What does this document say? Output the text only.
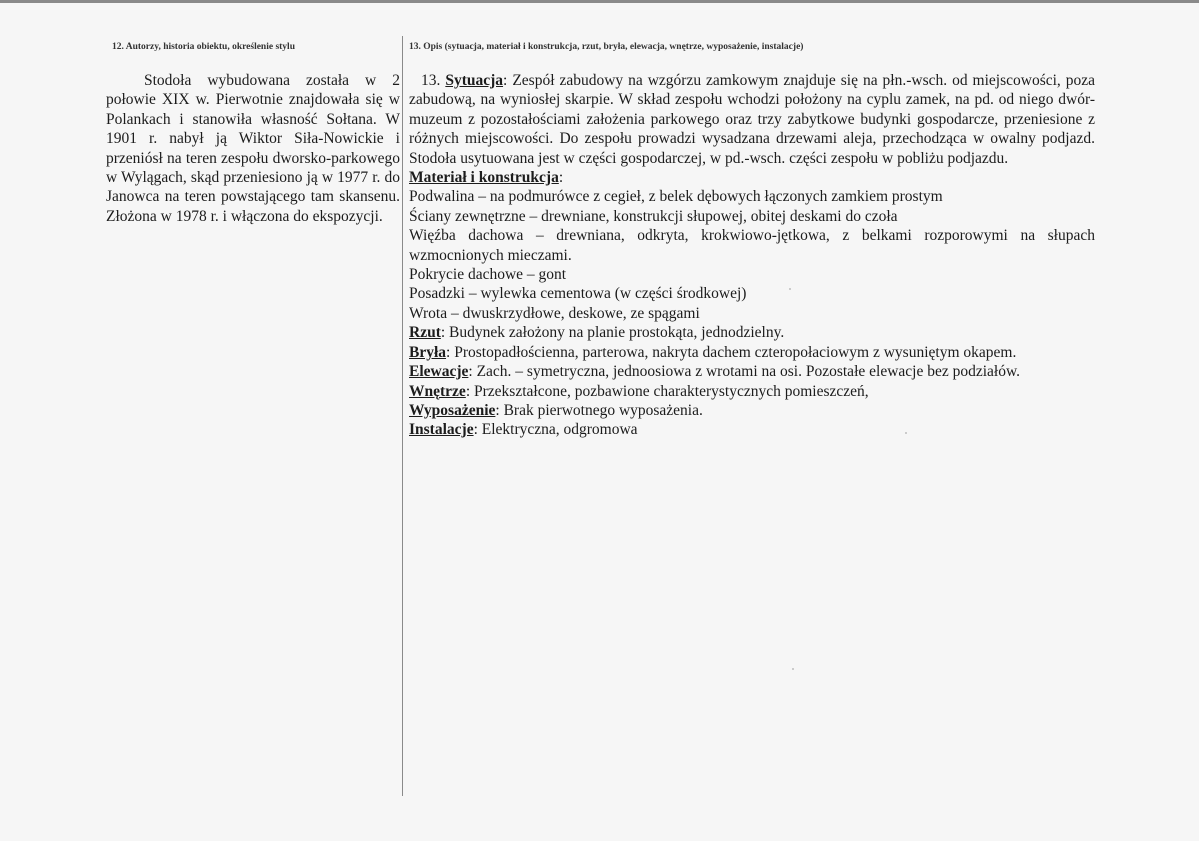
12. Autorzy, historia obiektu, określenie stylu
Stodoła wybudowana została w 2 połowie XIX w. Pierwotnie znajdowała się w Polankach i stanowiła własność Sołtana. W 1901 r. nabył ją Wiktor Siła-Nowickie i przeniósł na teren zespołu dworsko-parkowego w Wylągach, skąd przeniesiono ją w 1977 r. do Janowca na teren powstającego tam skansenu. Złożona w 1978 r. i włączona do ekspozycji.
13. Opis (sytuacja, materiał i konstrukcja, rzut, bryła, elewacja, wnętrze, wyposażenie, instalacje)

13. Sytuacja: Zespół zabudowy na wzgórzu zamkowym znajduje się na płn.-wsch. od miejscowości, poza zabudową, na wyniosłej skarpie. W skład zespołu wchodzi położony na cyplu zamek, na pd. od niego dwór-muzeum z pozostałościami założenia parkowego oraz trzy zabytkowe budynki gospodarcze, przeniesione z różnych miejscowości. Do zespołu prowadzi wysadzana drzewami aleja, przechodząca w owalny podjazd. Stodoła usytuowana jest w części gospodarczej, w pd.-wsch. części zespołu w pobliżu podjazdu.

Materiał i konstrukcja:

Podwalina – na podmurówce z cegieł, z belek dębowych łączonych zamkiem prostym

Ściany zewnętrzne – drewniane, konstrukcji słupowej, obitej deskami do czoła

Więźba dachowa – drewniana, odkryta, krokwiowo-jętkowa, z belkami rozporowymi na słupach wzmocnionych mieczami.

Pokrycie dachowe – gont

Posadzki – wylewka cementowa (w części środkowej)

Wrota – dwuskrzydłowe, deskowe, ze spągami

Rzut: Budynek założony na planie prostokąta, jednodzielny.

Bryła: Prostopadłościenna, parterowa, nakryta dachem czteropołaciowym z wysuniętym okapem.

Elewacje: Zach. – symetryczna, jednoosiowa z wrotami na osi. Pozostałe elewacje bez podziałów.

Wnętrze: Przekształcone, pozbawione charakterystycznych pomieszczeń,

Wyposażenie: Brak pierwotnego wyposażenia.

Instalacje: Elektryczna, odgromowa
